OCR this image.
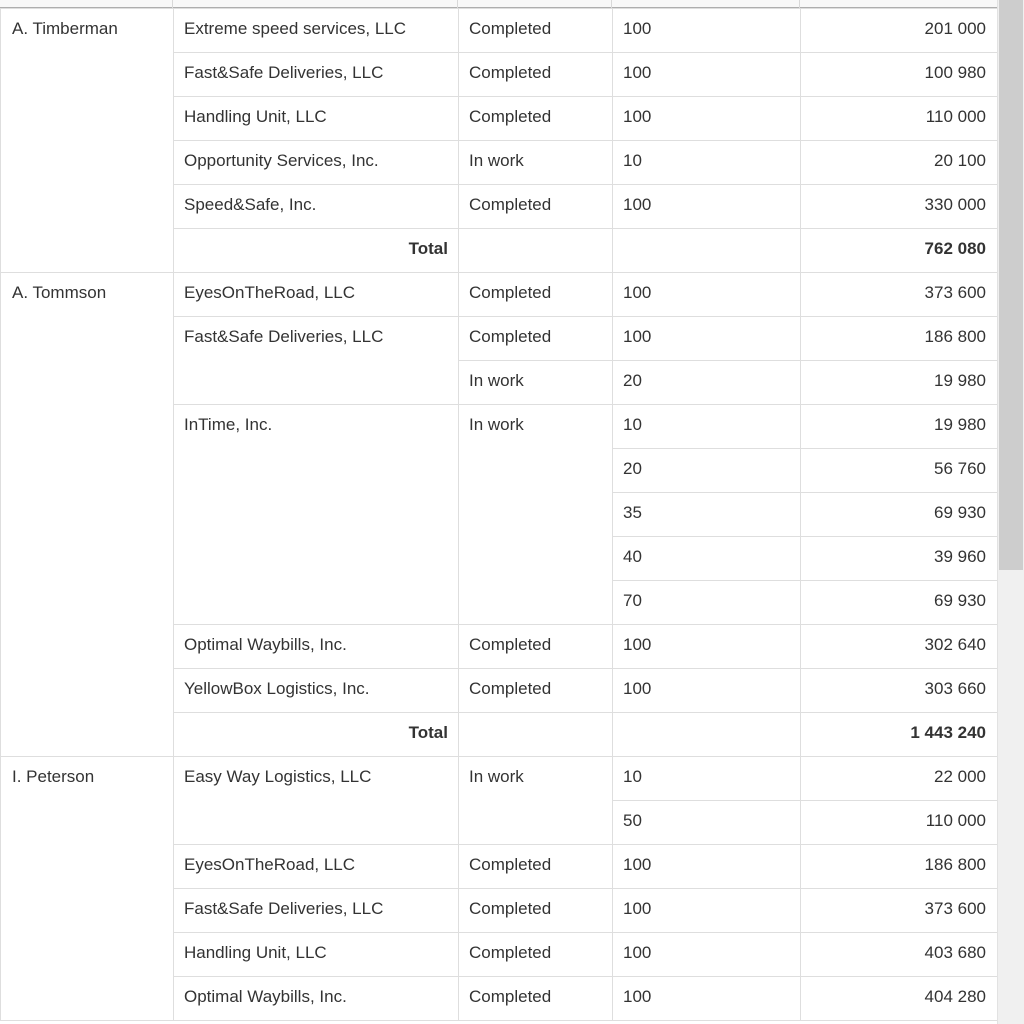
A. Timberman	Extreme speed services, LLC	Completed	100	201 000
	Fast&Safe Deliveries, LLC	Completed	100	100 980
	Handling Unit, LLC	Completed	100	110 000
	Opportunity Services, Inc.	In work	10	20 100
	Speed&Safe, Inc.	Completed	100	330 000
	Total			762 080
A. Tommson	EyesOnTheRoad, LLC	Completed	100	373 600
	Fast&Safe Deliveries, LLC	Completed	100	186 800
		In work	20	19 980
	InTime, Inc.	In work	10	19 980
			20	56 760
			35	69 930
			40	39 960
			70	69 930
	Optimal Waybills, Inc.	Completed	100	302 640
	YellowBox Logistics, Inc.	Completed	100	303 660
	Total			1 443 240
I. Peterson	Easy Way Logistics, LLC	In work	10	22 000
			50	110 000
	EyesOnTheRoad, LLC	Completed	100	186 800
	Fast&Safe Deliveries, LLC	Completed	100	373 600
	Handling Unit, LLC	Completed	100	403 680
	Optimal Waybills, Inc.	Completed	100	404 280
